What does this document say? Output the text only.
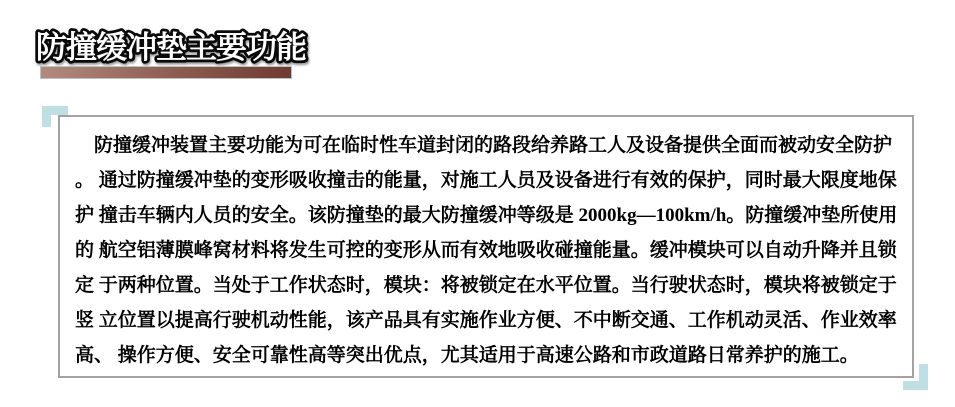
防撞缓冲垫主要功能
　防撞缓冲装置主要功能为可在临时性车道封闭的路段给养路工人及设备提供全面而被动安全防护
。 通过防撞缓冲垫的变形吸收撞击的能量，对施工人员及设备进行有效的保护，同时最大限度地保
护 撞击车辆内人员的安全。该防撞垫的最大防撞缓冲等级是 2000kg—100km/h。防撞缓冲垫所使用
的 航空铝薄膜峰窝材料将发生可控的变形从而有效地吸收碰撞能量。缓冲模块可以自动升降并且锁
定 于两种位置。当处于工作状态时，模块：将被锁定在水平位置。当行驶状态时，模块将被锁定于
竖 立位置以提高行驶机动性能，该产品具有实施作业方便、不中断交通、工作机动灵活、作业效率
高、 操作方便、安全可靠性高等突出优点，尤其适用于高速公路和市政道路日常养护的施工。
